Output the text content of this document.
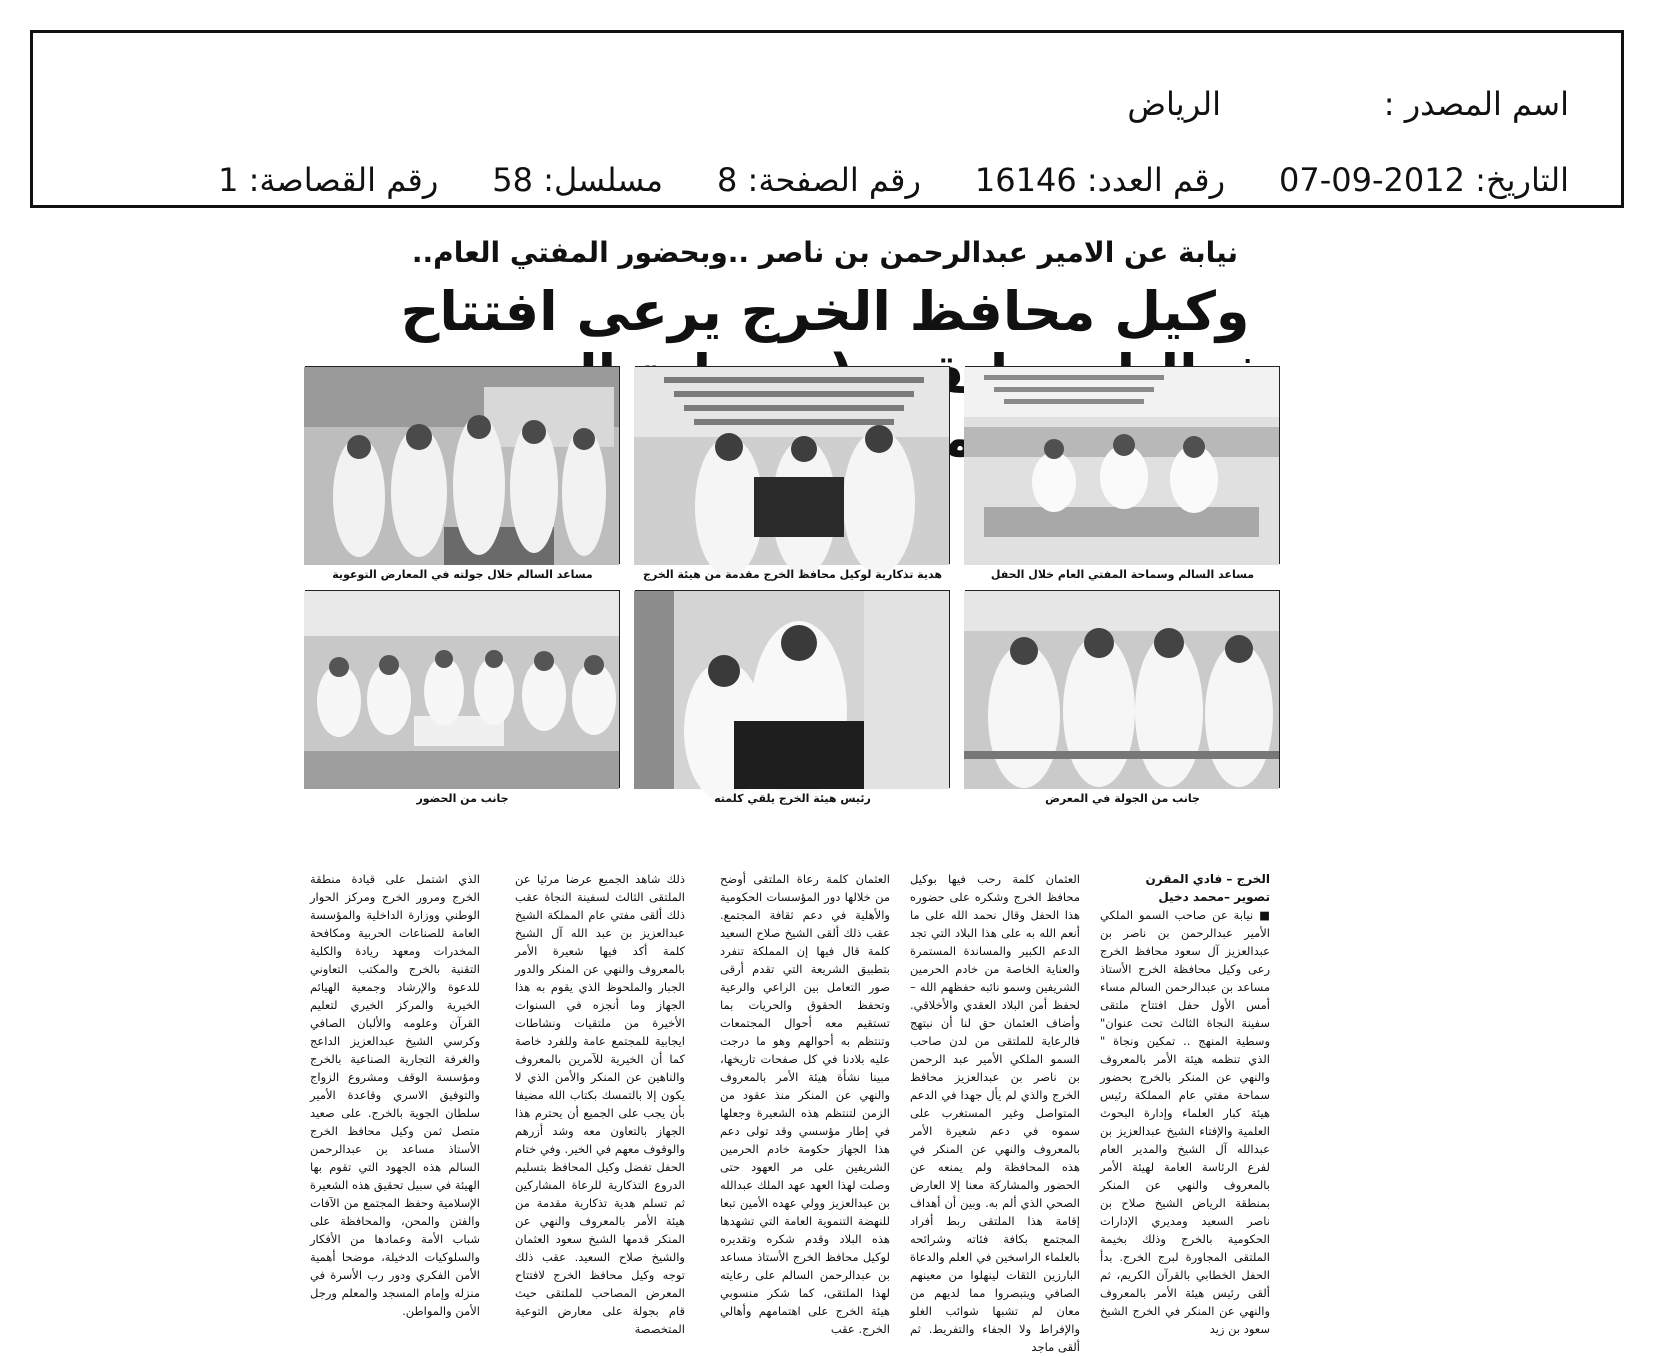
اسم المصدر :
الرياض
التاريخ: 2012-09-07
رقم العدد: 16146
رقم الصفحة: 8
مسلسل: 58
رقم القصاصة: 1
نيابة عن الامير عبدالرحمن بن ناصر ..وبحضور المفتي العام..
وكيل محافظ الخرج يرعى افتتاح ملتقى
مساعد السالم خلال جولته في المعارض التوعوية	هدية تذكارية لوكيل محافظ الخرج مقدمة من هيئة الخرج	مساعد السالم وسماحة المفتي العام خلال الحفل
جانب من الحضور	رئيس هيئة الخرج يلقي كلمته	جانب من الجولة في المعرض

الخرج – فادي المقرن

تصوير –محمد دخيل

■ نيابة عن صاحب السمو الملكي الأمير عبدالرحمن بن ناصر بن عبدالعزيز آل سعود محافظ الخرج رعى وكيل محافظة الخرج الأستاذ مساعد بن عبدالرحمن السالم مساء أمس الأول حفل افتتاح ملتقى سفينة النجاة الثالث تحت عنوان" وسطية المنهج .. تمكين ونجاة " الذي تنظمه هيئة الأمر بالمعروف والنهي عن المنكر بالخرج بحضور سماحة مفتي عام المملكة رئيس هيئة كبار العلماء وإدارة البحوث العلمية والإفتاء الشيخ عبدالعزيز بن عبدالله آل الشيخ والمدير العام لفرع الرئاسة العامة لهيئة الأمر بالمعروف والنهي عن المنكر بمنطقة الرياض الشيخ صلاح بن ناصر السعيد ومديري الإدارات الحكومية بالخرج وذلك بخيمة الملتقى المجاورة لبرج الخرج. بدأ الحفل الخطابي بالقرآن الكريم، ثم ألقى رئيس هيئة الأمر بالمعروف والنهي عن المنكر في الخرج الشيخ سعود بن زيد

العثمان كلمة رحب فيها بوكيل محافظ الخرج وشكره على حضوره هذا الحفل وقال نحمد الله على ما أنعم الله به على هذا البلاد التي تجد الدعم الكبير والمساندة المستمرة والعناية الخاصة من خادم الحرمين الشريفين وسمو نائبه حفظهم الله – لحفظ أمن البلاد العقدي والأخلاقي. وأضاف العثمان حق لنا أن نبتهج فالرعاية للملتقى من لدن صاحب السمو الملكي الأمير عبد الرحمن بن ناصر بن عبدالعزيز محافظ الخرج والذي لم يأل جهدا في الدعم المتواصل وغير المستغرب على سموه في دعم شعيرة الأمر بالمعروف والنهي عن المنكر في هذه المحافظة ولم يمنعه عن الحضور والمشاركة معنا إلا العارض الصحي الذي ألم به. وبين أن أهداف إقامة هذا الملتقى ربط أفراد المجتمع بكافة فئاته وشرائحه بالعلماء الراسخين في العلم والدعاة البارزين الثقات لينهلوا من معينهم الصافي ويتبصروا مما لديهم من معان لم تشبها شوائب الغلو والإفراط ولا الجفاء والتفريط. ثم ألقى ماجد

العثمان كلمة رعاة الملتقى أوضح من خلالها دور المؤسسات الحكومية والأهلية في دعم ثقافة المجتمع. عقب ذلك ألقى الشيخ صلاح السعيد كلمة قال فيها إن المملكة تنفرد بتطبيق الشريعة التي تقدم أرقى صور التعامل بين الراعي والرعية وتحفظ الحقوق والحريات بما تستقيم معه أحوال المجتمعات وتنتظم به أحوالهم وهو ما درجت عليه بلادنا في كل صفحات تاريخها، مبينا نشأة هيئة الأمر بالمعروف والنهي عن المنكر منذ عقود من الزمن لتنتظم هذه الشعيرة وجعلها في إطار مؤسسي وقد تولى دعم هذا الجهاز حكومة خادم الحرمين الشريفين على مر العهود حتى وصلت لهذا العهد عهد الملك عبدالله بن عبدالعزيز وولي عهده الأمين تبعا للنهضة التنموية العامة التي تشهدها هذه البلاد وقدم شكره وتقديره لوكيل محافظ الخرج الأستاذ مساعد بن عبدالرحمن السالم على رعايته لهذا الملتقى، كما شكر منسوبي هيئة الخرج على اهتمامهم وأهالي الخرج. عقب

ذلك شاهد الجميع عرضا مرئيا عن الملتقى الثالث لسفينة النجاة عقب ذلك ألقى مفتي عام المملكة الشيخ عبدالعزيز بن عبد الله آل الشيخ كلمة أكد فيها شعيرة الأمر بالمعروف والنهي عن المنكر والدور الجبار والملحوظ الذي يقوم به هذا الجهاز وما أنجزه في السنوات الأخيرة من ملتقيات ونشاطات ايجابية للمجتمع عامة وللفرد خاصة كما أن الخيرية للآمرين بالمعروف والناهين عن المنكر والأمن الذي لا يكون إلا بالتمسك بكتاب الله مضيفا بأن يجب على الجميع أن يحترم هذا الجهاز بالتعاون معه وشد أزرهم والوقوف معهم في الخير. وفي ختام الحفل تفضل وكيل المحافظ بتسليم الدروع التذكارية للرعاة المشاركين ثم تسلم هدية تذكارية مقدمة من هيئة الأمر بالمعروف والنهي عن المنكر قدمها الشيخ سعود العثمان والشيخ صلاح السعيد. عقب ذلك توجه وكيل محافظ الخرج لافتتاح المعرض المصاحب للملتقى حيث قام بجولة على معارض التوعية المتخصصة

الذي اشتمل على قيادة منطقة الخرج ومرور الخرج ومركز الحوار الوطني ووزارة الداخلية والمؤسسة العامة للصناعات الحربية ومكافحة المخدرات ومعهد ريادة والكلية التقنية بالخرج والمكتب التعاوني للدعوة والإرشاد وجمعية الهيائم الخيرية والمركز الخيري لتعليم القرآن وعلومه والألبان الصافي وكرسي الشيخ عبدالعزيز الداعج والغرفة التجارية الصناعية بالخرج ومؤسسة الوقف ومشروع الزواج والتوفيق الاسري وقاعدة الأمير سلطان الجوية بالخرج. على صعيد متصل ثمن وكيل محافظ الخرج الأستاذ مساعد بن عبدالرحمن السالم هذه الجهود التي تقوم بها الهيئة في سبيل تحقيق هذه الشعيرة الإسلامية وحفظ المجتمع من الآفات والفتن والمحن، والمحافظة على شباب الأمة وعمادها من الأفكار والسلوكيات الدخيلة، موضحا أهمية الأمن الفكري ودور رب الأسرة في منزله وإمام المسجد والمعلم ورجل الأمن والمواطن.
